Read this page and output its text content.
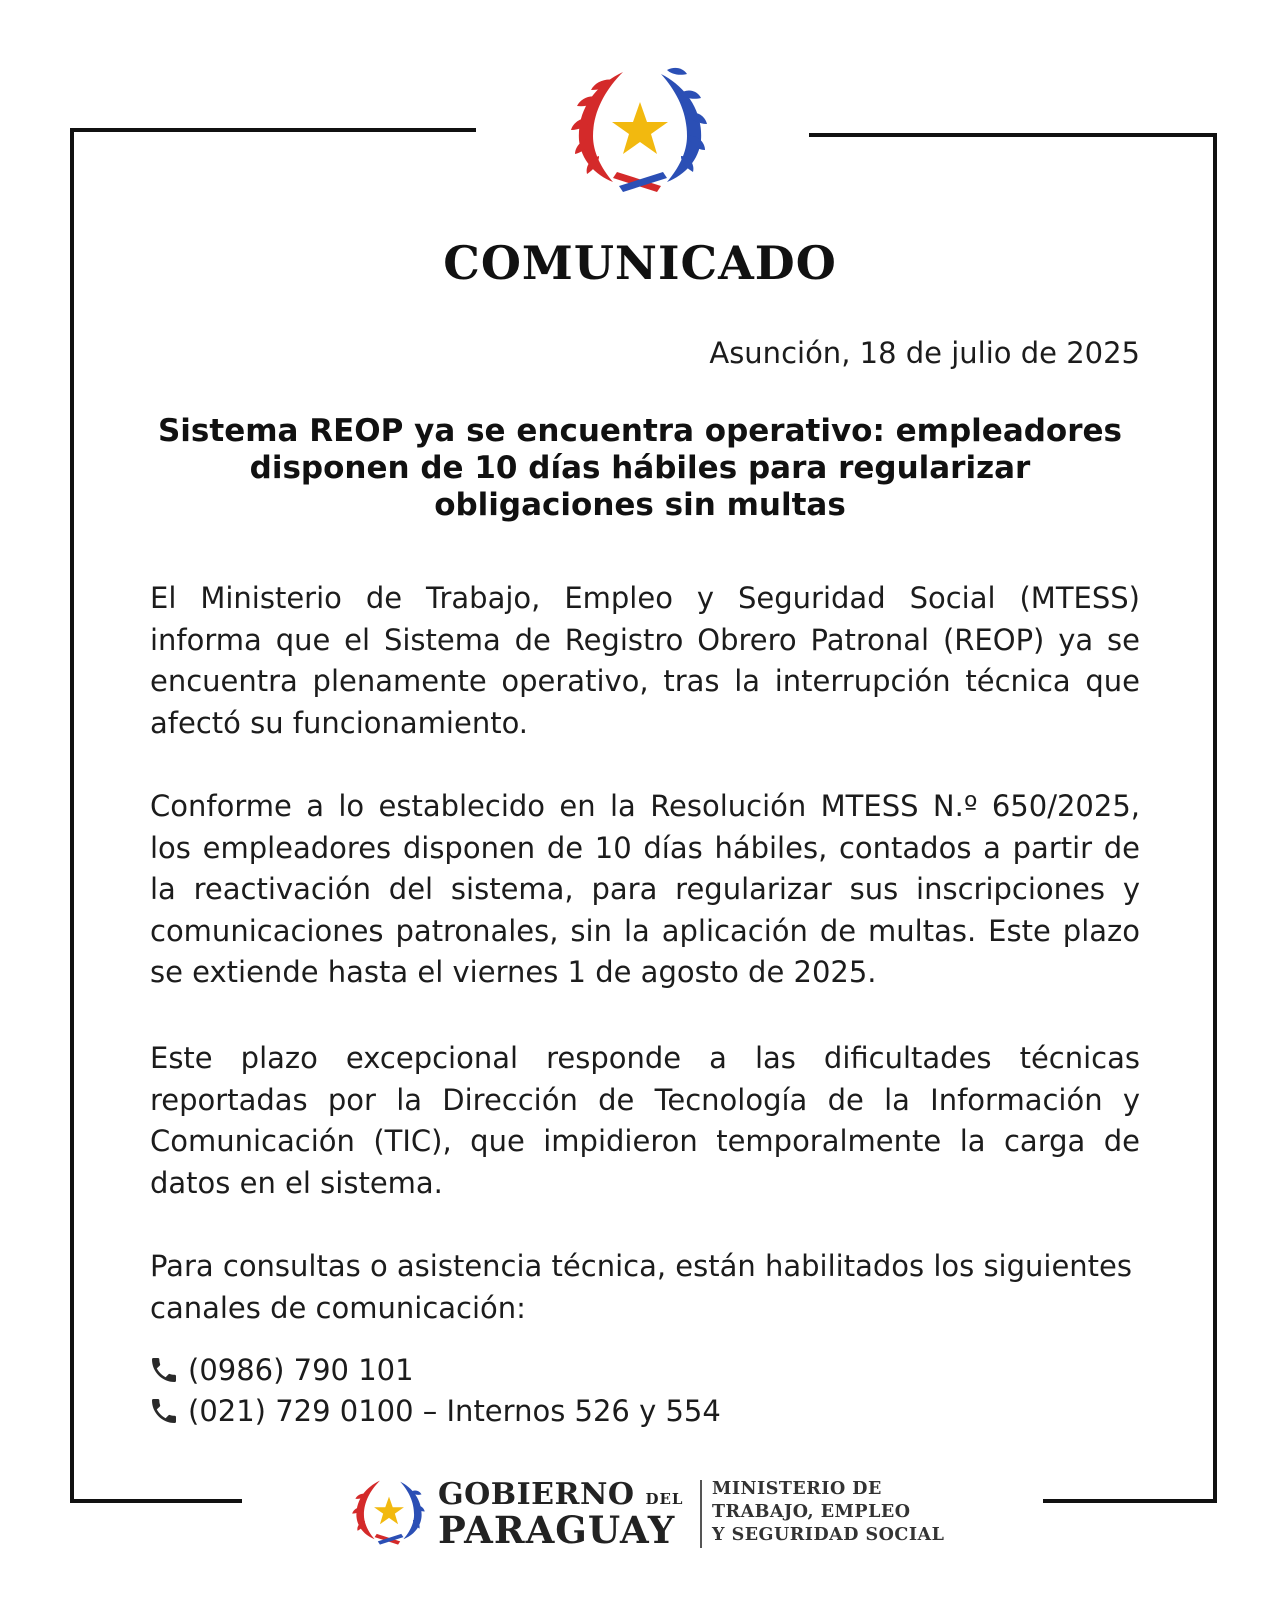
COMUNICADO
Asunción, 18 de julio de 2025
Sistema REOP ya se encuentra operativo: empleadores disponen de 10 días hábiles para regularizar obligaciones sin multas
El Ministerio de Trabajo, Empleo y Seguridad Social (MTESS) informa que el Sistema de Registro Obrero Patronal (REOP) ya se encuentra plenamente operativo, tras la interrupción técnica que afectó su funcionamiento.
Conforme a lo establecido en la Resolución MTESS N.º 650/2025, los empleadores disponen de 10 días hábiles, contados a partir de la reactivación del sistema, para regularizar sus inscripciones y comunicaciones patronales, sin la aplicación de multas. Este plazo se extiende hasta el viernes 1 de agosto de 2025.
Este plazo excepcional responde a las dificultades técnicas reportadas por la Dirección de Tecnología de la Información y Comunicación (TIC), que impidieron temporalmente la carga de datos en el sistema.
Para consultas o asistencia técnica, están habilitados los siguientes canales de comunicación:
(0986) 790 101
(021) 729 0100 – Internos 526 y 554
GOBIERNO DEL
PARAGUAY
MINISTERIO DE
TRABAJO, EMPLEO
Y SEGURIDAD SOCIAL
